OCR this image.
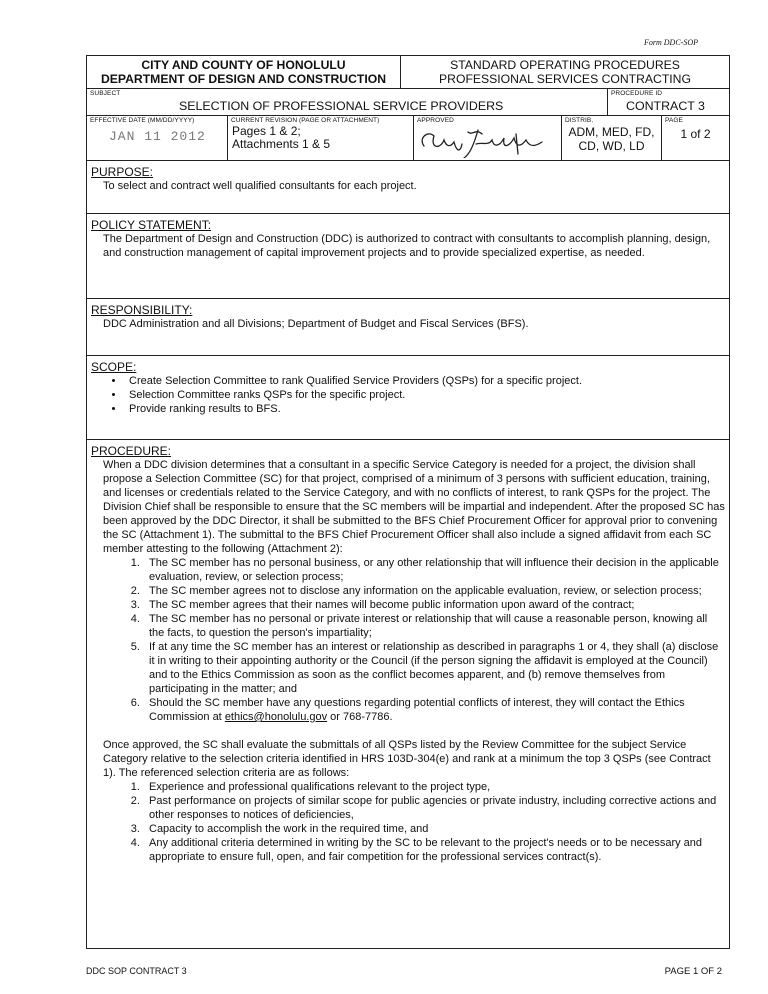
Form DDC-SOP
CITY AND COUNTY OF HONOLULU
DEPARTMENT OF DESIGN AND CONSTRUCTION
STANDARD OPERATING PROCEDURES
PROFESSIONAL SERVICES CONTRACTING
SUBJECT
SELECTION OF PROFESSIONAL SERVICE PROVIDERS
PROCEDURE ID
CONTRACT 3
EFFECTIVE DATE (MM/DD/YYYY)
JAN 11 2012
CURRENT REVISION (PAGE OR ATTACHMENT)
Pages 1 & 2;
Attachments 1 & 5
APPROVED	DISTRIB.
ADM, MED, FD,
CD, WD, LD
PAGE
1 of 2
PURPOSE:
To select and contract well qualified consultants for each project.
POLICY STATEMENT:
The Department of Design and Construction (DDC) is authorized to contract with consultants to accomplish planning, design, and construction management of capital improvement projects and to provide specialized expertise, as needed.
RESPONSIBILITY:
DDC Administration and all Divisions; Department of Budget and Fiscal Services (BFS).
SCOPE:
• Create Selection Committee to rank Qualified Service Providers (QSPs) for a specific project.
• Selection Committee ranks QSPs for the specific project.
• Provide ranking results to BFS.
PROCEDURE:

When a DDC division determines that a consultant in a specific Service Category is needed for a project, the division shall propose a Selection Committee (SC) for that project, comprised of a minimum of 3 persons with sufficient education, training, and licenses or credentials related to the Service Category, and with no conflicts of interest, to rank QSPs for the project. The Division Chief shall be responsible to ensure that the SC members will be impartial and independent. After the proposed SC has been approved by the DDC Director, it shall be submitted to the BFS Chief Procurement Officer for approval prior to convening the SC (Attachment 1). The submittal to the BFS Chief Procurement Officer shall also include a signed affidavit from each SC member attesting to the following (Attachment 2):

1. The SC member has no personal business, or any other relationship that will influence their decision in the applicable evaluation, review, or selection process;
2. The SC member agrees not to disclose any information on the applicable evaluation, review, or selection process;
3. The SC member agrees that their names will become public information upon award of the contract;
4. The SC member has no personal or private interest or relationship that will cause a reasonable person, knowing all the facts, to question the person's impartiality;
5. If at any time the SC member has an interest or relationship as described in paragraphs 1 or 4, they shall (a) disclose it in writing to their appointing authority or the Council (if the person signing the affidavit is employed at the Council) and to the Ethics Commission as soon as the conflict becomes apparent, and (b) remove themselves from participating in the matter; and
6. Should the SC member have any questions regarding potential conflicts of interest, they will contact the Ethics Commission at ethics@honolulu.gov or 768-7786.

Once approved, the SC shall evaluate the submittals of all QSPs listed by the Review Committee for the subject Service Category relative to the selection criteria identified in HRS 103D-304(e) and rank at a minimum the top 3 QSPs (see Contract 1). The referenced selection criteria are as follows:

1. Experience and professional qualifications relevant to the project type,
2. Past performance on projects of similar scope for public agencies or private industry, including corrective actions and other responses to notices of deficiencies,
3. Capacity to accomplish the work in the required time, and
4. Any additional criteria determined in writing by the SC to be relevant to the project's needs or to be necessary and appropriate to ensure full, open, and fair competition for the professional services contract(s).
DDC SOP CONTRACT 3	PAGE 1 OF 2
